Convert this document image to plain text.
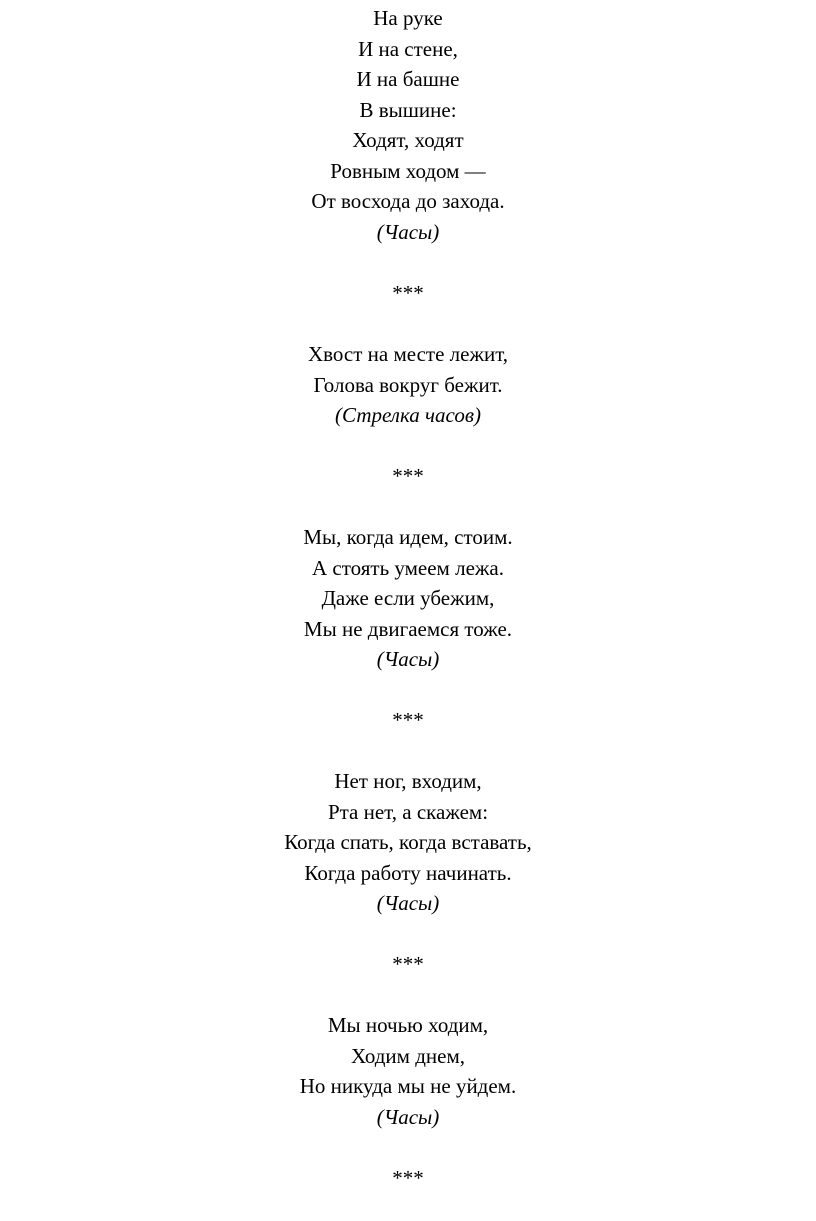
На руке
И на стене,
И на башне
В вышине:
Ходят, ходят
Ровным ходом —
От восхода до захода.
(Часы)
***
Хвост на месте лежит,
Голова вокруг бежит.
(Стрелка часов)
***
Мы, когда идем, стоим.
А стоять умеем лежа.
Даже если убежим,
Мы не двигаемся тоже.
(Часы)
***
Нет ног, входим,
Рта нет, а скажем:
Когда спать, когда вставать,
Когда работу начинать.
(Часы)
***
Мы ночью ходим,
Ходим днем,
Но никуда мы не уйдем.
(Часы)
***
